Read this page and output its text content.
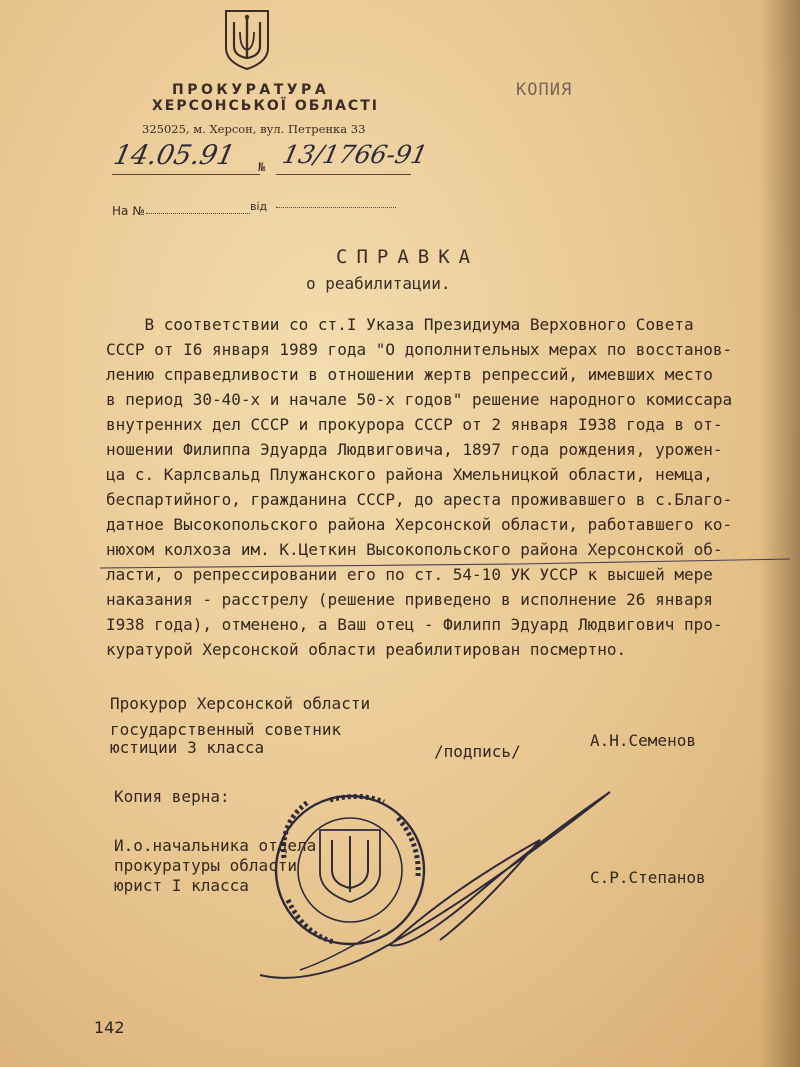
ПРОКУРАТУРА
ХЕРСОНСЬКОЇ ОБЛАСТІ
325025, м. Херсон, вул. Петренка 33
КОПИЯ
14.05.91 № 13/1766-91
На №	від
СПРАВКА
о реабилитации.
В соответствии со ст.I Указа Президиума Верховного Совета
СССР от I6 января 1989 года "О дополнительных мерах по восстанов-
лению справедливости в отношении жертв репрессий, имевших место
в период 30-40-х и начале 50-х годов" решение народного комиссара
внутренних дел СССР и прокурора СССР от 2 января I938 года в от-
ношении Филиппа Эдуарда Людвиговича, 1897 года рождения, урожен-
ца с. Карлсвальд Плужанского района Хмельницкой области, немца,
беспартийного, гражданина СССР, до ареста проживавшего в с.Благо-
датное Высокопольского района Херсонской области, работавшего ко-
нюхом колхоза им. К.Цеткин Высокопольского района Херсонской об-
ласти, о репрессировании его по ст. 54-10 УК УССР к высшей мере
наказания - расстрелу (решение приведено в исполнение 26 января
I938 года), отменено, а Ваш отец - Филипп Эдуард Людвигович про-
куратурой Херсонской области реабилитирован посмертно.
Прокурор Херсонской области
государственный советник
юстиции 3 класса	/подпись/
А.Н.Семенов
Копия верна:
И.о.начальника отдела
прокуратуры области
юрист I класса	С.Р.Степанов
142
